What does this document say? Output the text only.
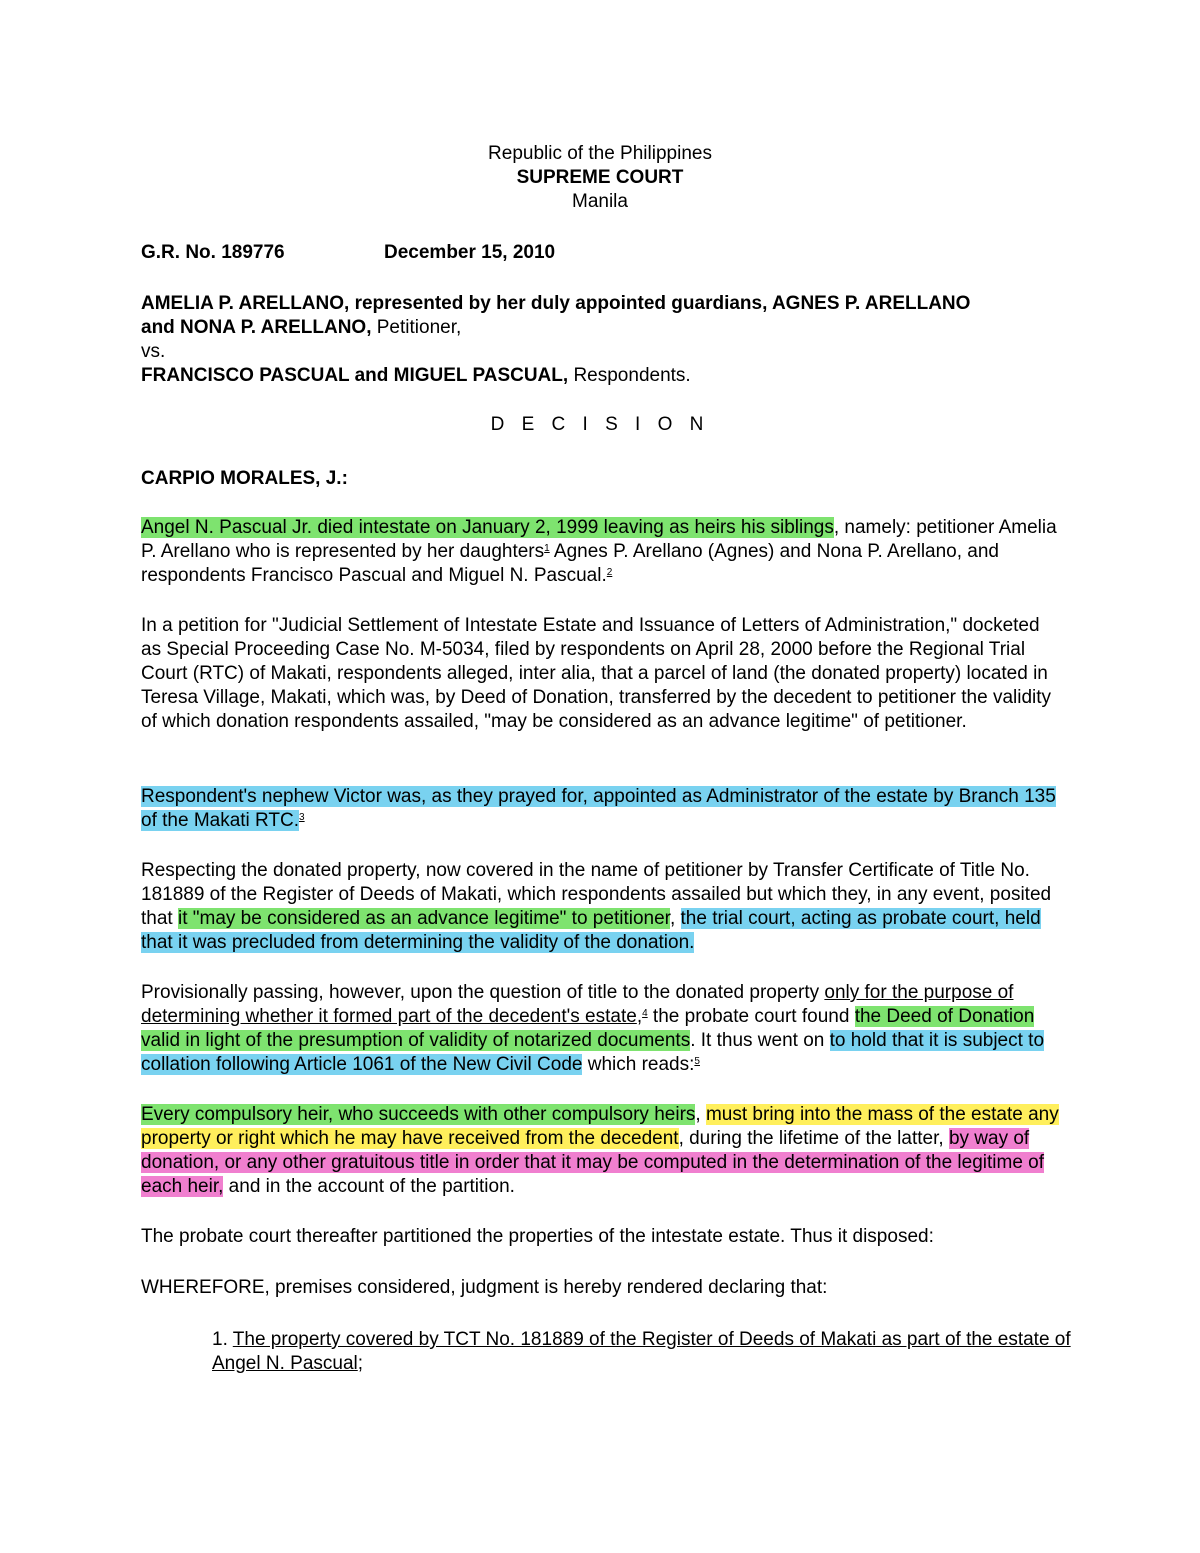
Republic of the Philippines
SUPREME COURT
Manila

G.R. No. 189776	December 15, 2010

AMELIA P. ARELLANO, represented by her duly appointed guardians, AGNES P. ARELLANO
and NONA P. ARELLANO, Petitioner,
vs.
FRANCISCO PASCUAL and MIGUEL PASCUAL, Respondents.

D E C I S I O N

CARPIO MORALES, J.:

Angel N. Pascual Jr. died intestate on January 2, 1999 leaving as heirs his siblings, namely: petitioner Amelia P. Arellano who is represented by her daughters$^1$ Agnes P. Arellano (Agnes) and Nona P. Arellano, and respondents Francisco Pascual and Miguel N. Pascual.$^2$

In a petition for "Judicial Settlement of Intestate Estate and Issuance of Letters of Administration," docketed as Special Proceeding Case No. M-5034, filed by respondents on April 28, 2000 before the Regional Trial Court (RTC) of Makati, respondents alleged, inter alia, that a parcel of land (the donated property) located in Teresa Village, Makati, which was, by Deed of Donation, transferred by the decedent to petitioner the validity of which donation respondents assailed, "may be considered as an advance legitime" of petitioner.

Respondent's nephew Victor was, as they prayed for, appointed as Administrator of the estate by Branch 135 of the Makati RTC.$^3$

Respecting the donated property, now covered in the name of petitioner by Transfer Certificate of Title No. 181889 of the Register of Deeds of Makati, which respondents assailed but which they, in any event, posited that it "may be considered as an advance legitime" to petitioner, the trial court, acting as probate court, held that it was precluded from determining the validity of the donation.

Provisionally passing, however, upon the question of title to the donated property only for the purpose of determining whether it formed part of the decedent's estate,$^4$ the probate court found the Deed of Donation valid in light of the presumption of validity of notarized documents. It thus went on to hold that it is subject to collation following Article 1061 of the New Civil Code which reads:$^5$

Every compulsory heir, who succeeds with other compulsory heirs, must bring into the mass of the estate any property or right which he may have received from the decedent, during the lifetime of the latter, by way of donation, or any other gratuitous title in order that it may be computed in the determination of the legitime of each heir, and in the account of the partition.

The probate court thereafter partitioned the properties of the intestate estate. Thus it disposed:

WHEREFORE, premises considered, judgment is hereby rendered declaring that:

1. The property covered by TCT No. 181889 of the Register of Deeds of Makati as part of the estate of Angel N. Pascual;
